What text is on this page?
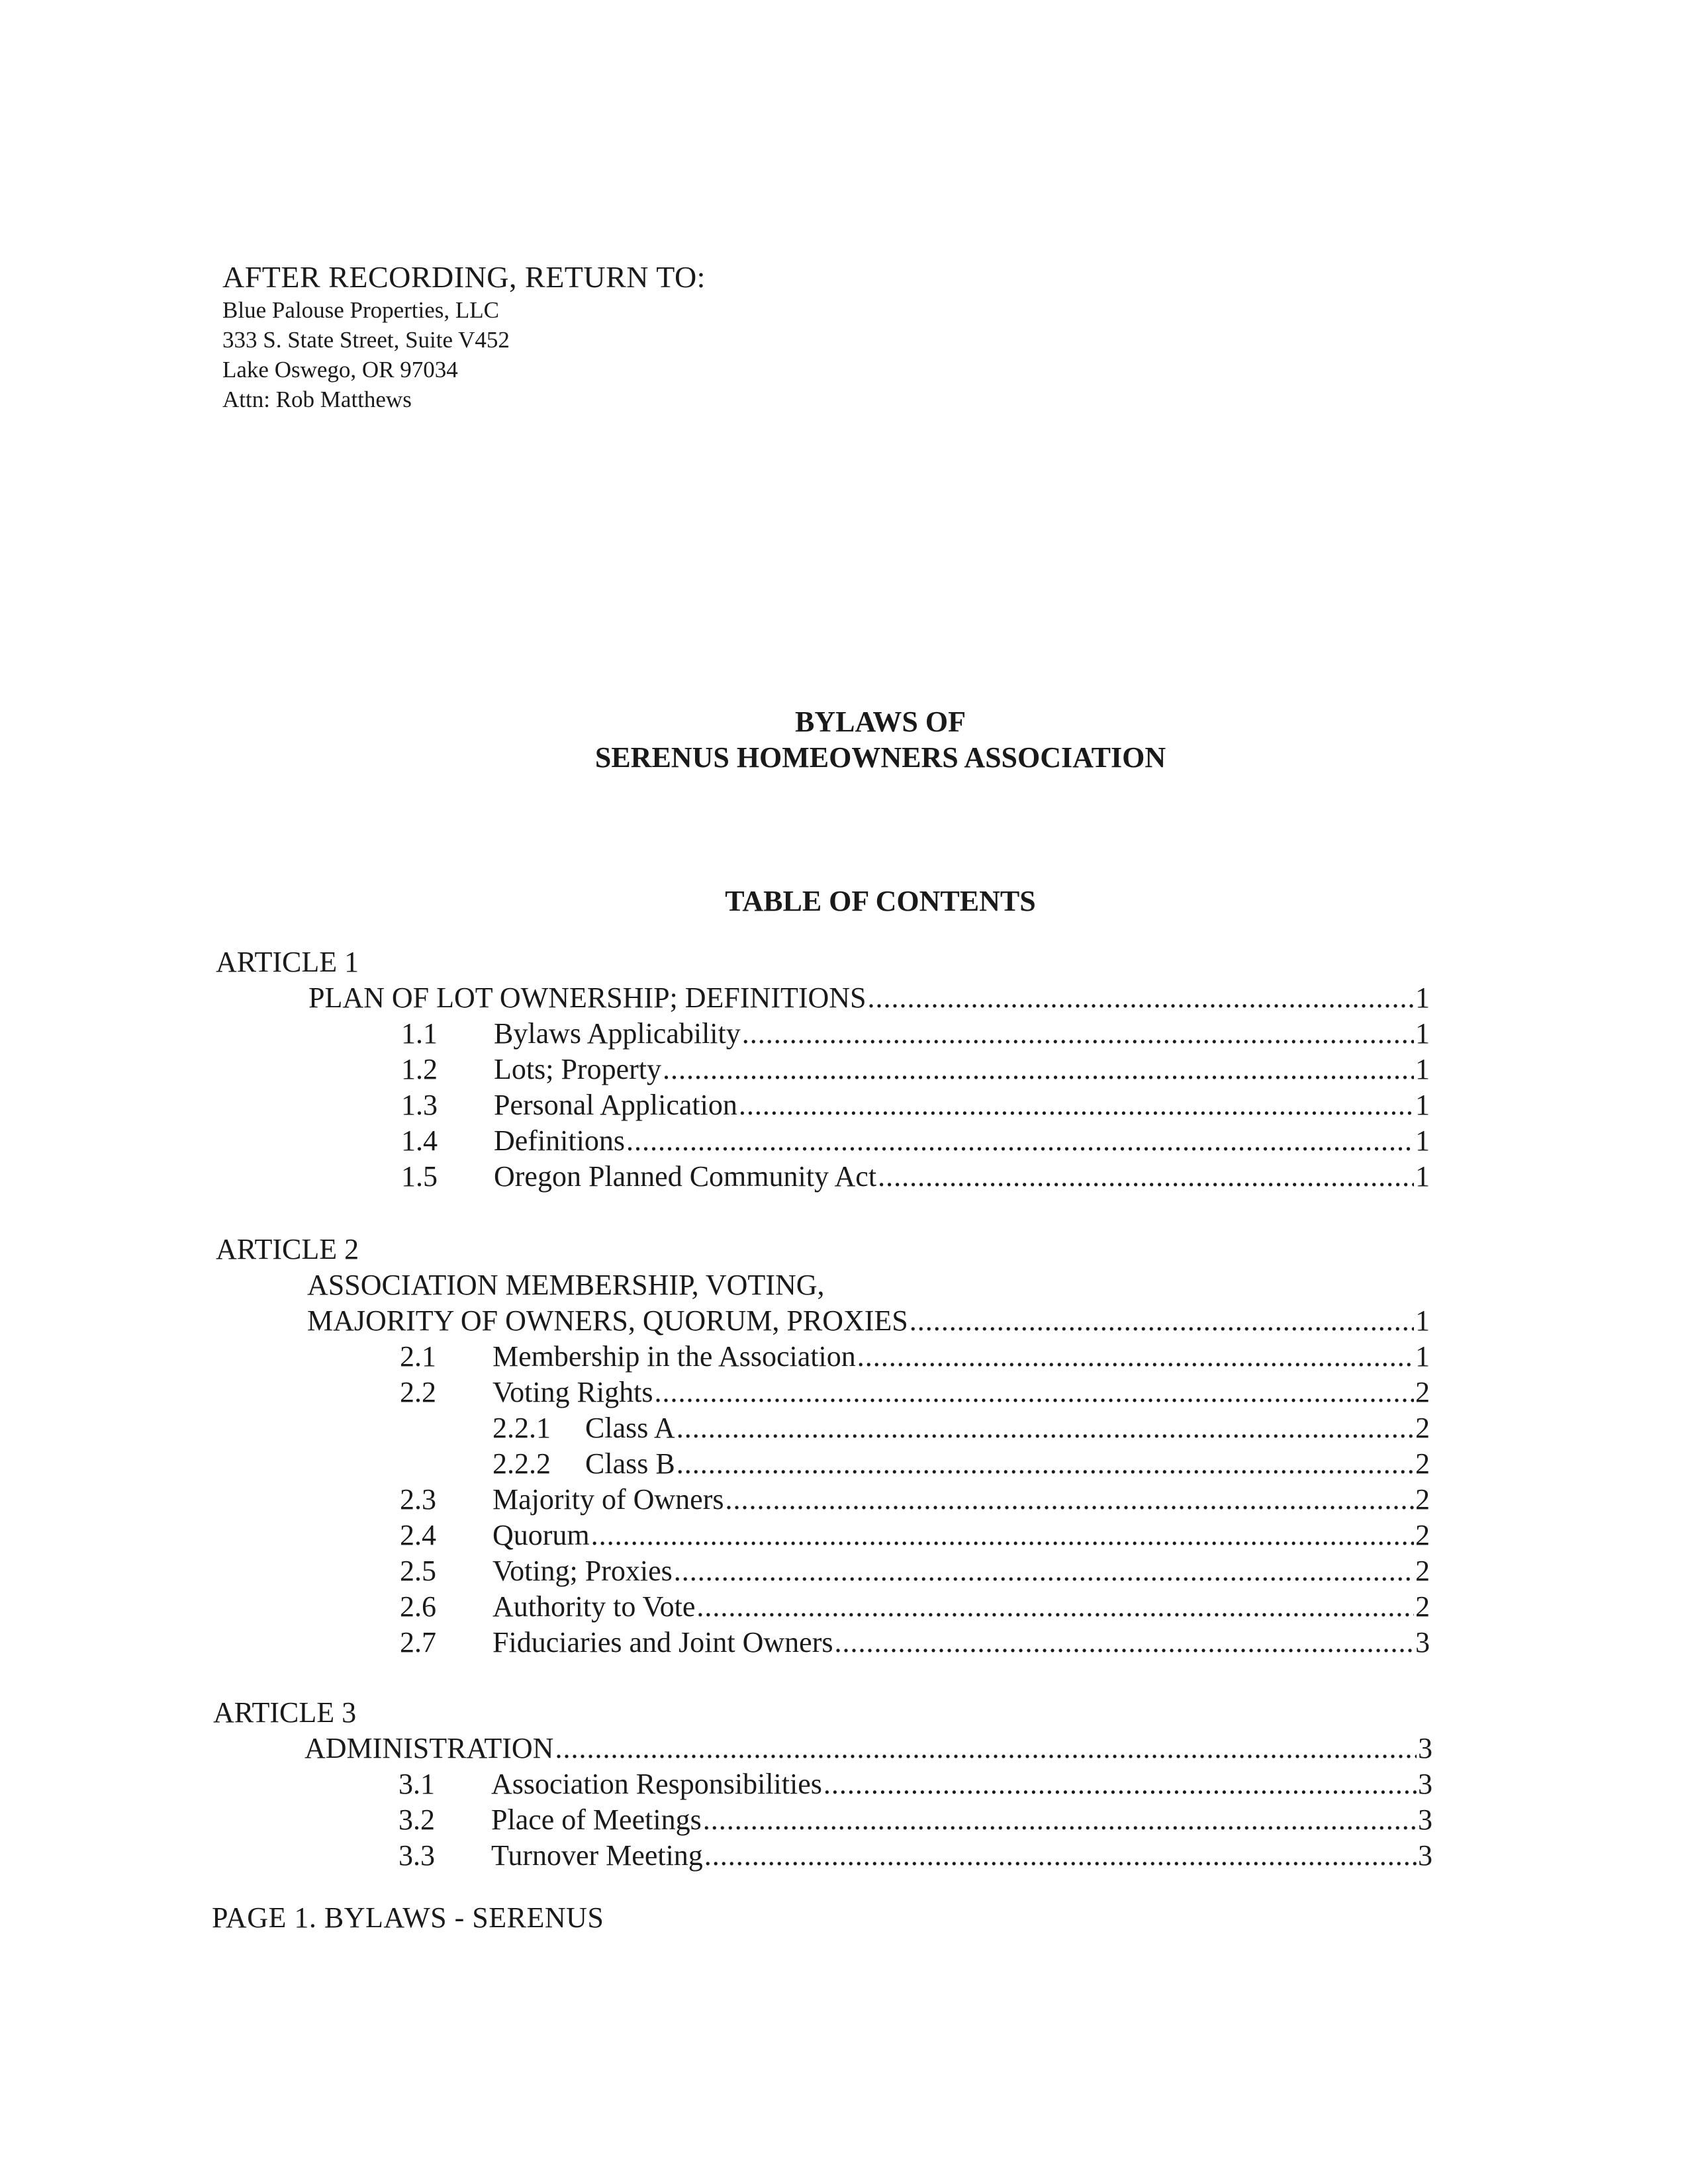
AFTER RECORDING, RETURN TO:
Blue Palouse Properties, LLC
333 S. State Street, Suite V452
Lake Oswego, OR 97034
Attn: Rob Matthews
BYLAWS OF
SERENUS HOMEOWNERS ASSOCIATION
TABLE OF CONTENTS
ARTICLE 1
PLAN OF LOT OWNERSHIP; DEFINITIONS .....	1
1.1	Bylaws Applicability .....	1
1.2	Lots; Property .....	1
1.3	Personal Application .....	1
1.4	Definitions .....	1
1.5	Oregon Planned Community Act .....	1
ARTICLE 2
ASSOCIATION MEMBERSHIP, VOTING,
MAJORITY OF OWNERS, QUORUM, PROXIES .....	1
2.1	Membership in the Association .....	1
2.2	Voting Rights .....	2
2.2.1	Class A .....	2
2.2.2	Class B .....	2
2.3	Majority of Owners .....	2
2.4	Quorum .....	2
2.5	Voting; Proxies .....	2
2.6	Authority to Vote .....	2
2.7	Fiduciaries and Joint Owners .....	3
ARTICLE 3
ADMINISTRATION .....	3
3.1	Association Responsibilities .....	3
3.2	Place of Meetings .....	3
3.3	Turnover Meeting .....	3
PAGE 1. BYLAWS - SERENUS
